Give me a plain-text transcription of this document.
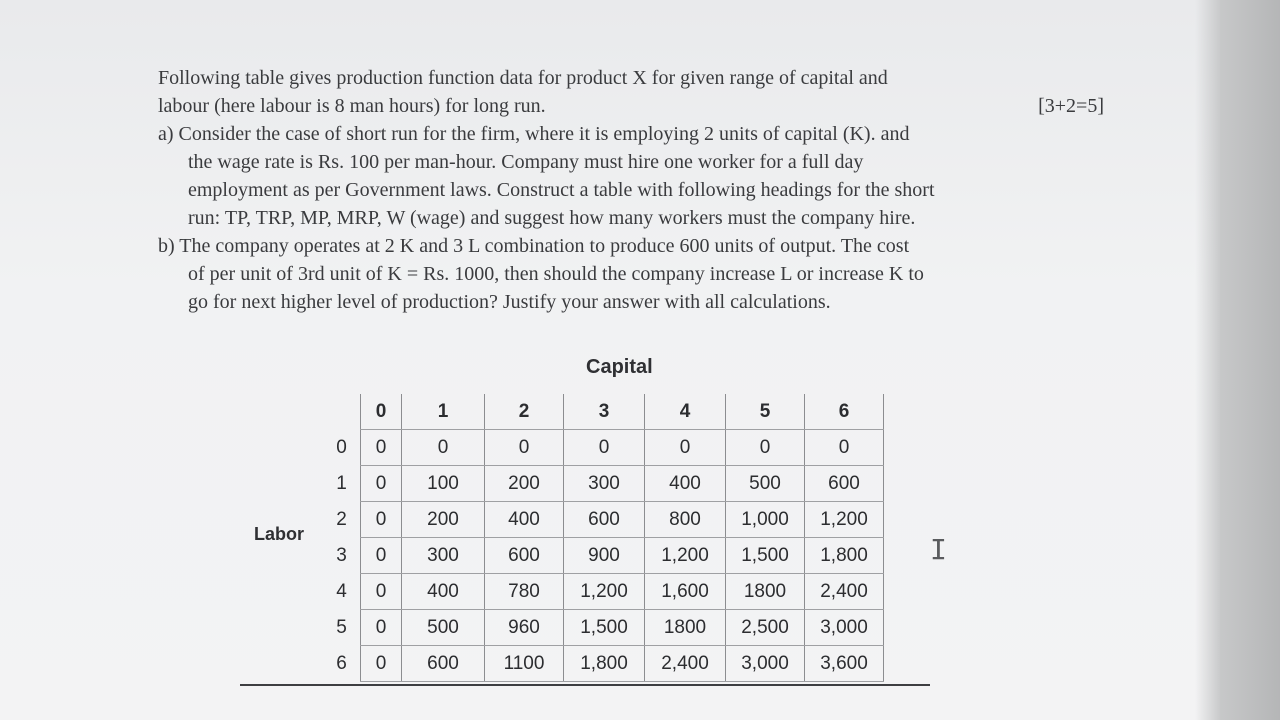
Following table gives production function data for product X for given range of capital and
labour (here labour is 8 man hours) for long run.	[3+2=5]
a) Consider the case of short run for the firm, where it is employing 2 units of capital (K). and
the wage rate is Rs. 100 per man-hour. Company must hire one worker for a full day
employment as per Government laws. Construct a table with following headings for the short
run: TP, TRP, MP, MRP, W (wage) and suggest how many workers must the company hire.
b) The company operates at 2 K and 3 L combination to produce 600 units of output. The cost
of per unit of 3rd unit of K = Rs. 1000, then should the company increase L or increase K to
go for next higher level of production? Justify your answer with all calculations.
Capital
Labor
	0	1	2	3	4	5	6
0	0	0	0	0	0	0	0
1	0	100	200	300	400	500	600
2	0	200	400	600	800	1,000	1,200
3	0	300	600	900	1,200	1,500	1,800
4	0	400	780	1,200	1,600	1800	2,400
5	0	500	960	1,500	1800	2,500	3,000
6	0	600	1100	1,800	2,400	3,000	3,600
I
